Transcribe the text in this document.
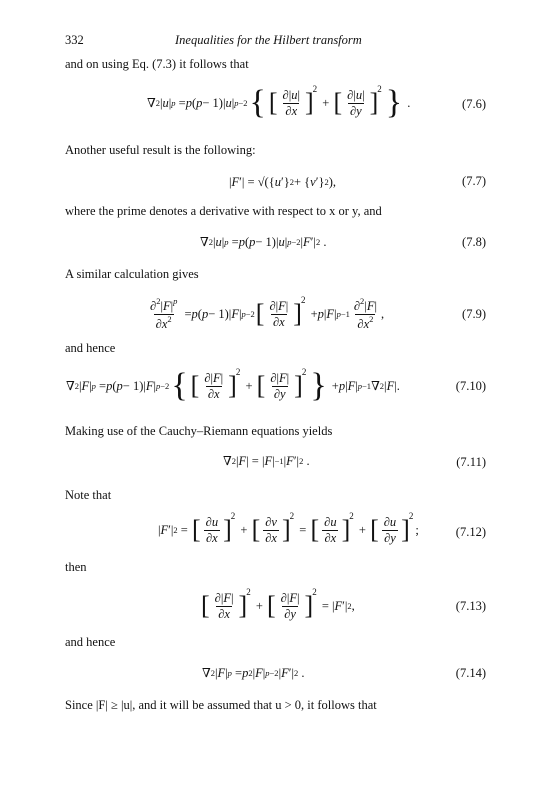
332	Inequalities for the Hilbert transform
and on using Eq. (7.3) it follows that
∇ 2 | u | p = p ( p − 1)| u | p−2 { [ $\frac{\partial|u|}{\partial x}$ ] 2
+ [ $\frac{\partial|u|}{\partial y}$ ] 2 } .	(7.6)
Another useful result is the following:
| F ′| = √({ u ′} 2 + { v ′} 2 ),	(7.7)
where the prime denotes a derivative with respect to x or y, and
∇ 2 | u | p = p ( p − 1)| u | p−2 | F ′| 2 .	(7.8)
A similar calculation gives
$\frac{\partial^2|F|^p}{\partial x^2} = p$ ( p − 1)| F | p−2 [ $\frac{\partial|F|}{\partial x}$ ] 2
+ p | F | $p-1 \frac{\partial^2|F|}{\partial x^2}$ ,	(7.9)
and hence
∇ 2 | F | p = p ( p − 1)| F | p−2 { [ $\frac{\partial|F|}{\partial x}$ ] 2
+ [ $\frac{\partial|F|}{\partial y}$ ] 2 } + p | F | p−1 ∇ 2 | F |.	(7.10)
Making use of the Cauchy–Riemann equations yields
∇ 2 | F | = | F | −1 | F ′| 2 .	(7.11)
Note that
| F ′| 2 = [ $\frac{\partial u}{\partial x}$ ] 2
+ [ $\frac{\partial v}{\partial x}$ ] 2
= [ $\frac{\partial u}{\partial x}$ ] 2
+ [ $\frac{\partial u}{\partial y}$ ] 2
;	(7.12)
then
[ $\frac{\partial|F|}{\partial x}$ ] 2
+ [ $\frac{\partial|F|}{\partial y}$ ] 2
= | F ′| 2 ,	(7.13)
and hence
∇ 2 | F | p = p 2 | F | p−2 | F ′| 2 .	(7.14)
Since |F| ≥ |u|, and it will be assumed that u > 0, it follows that
